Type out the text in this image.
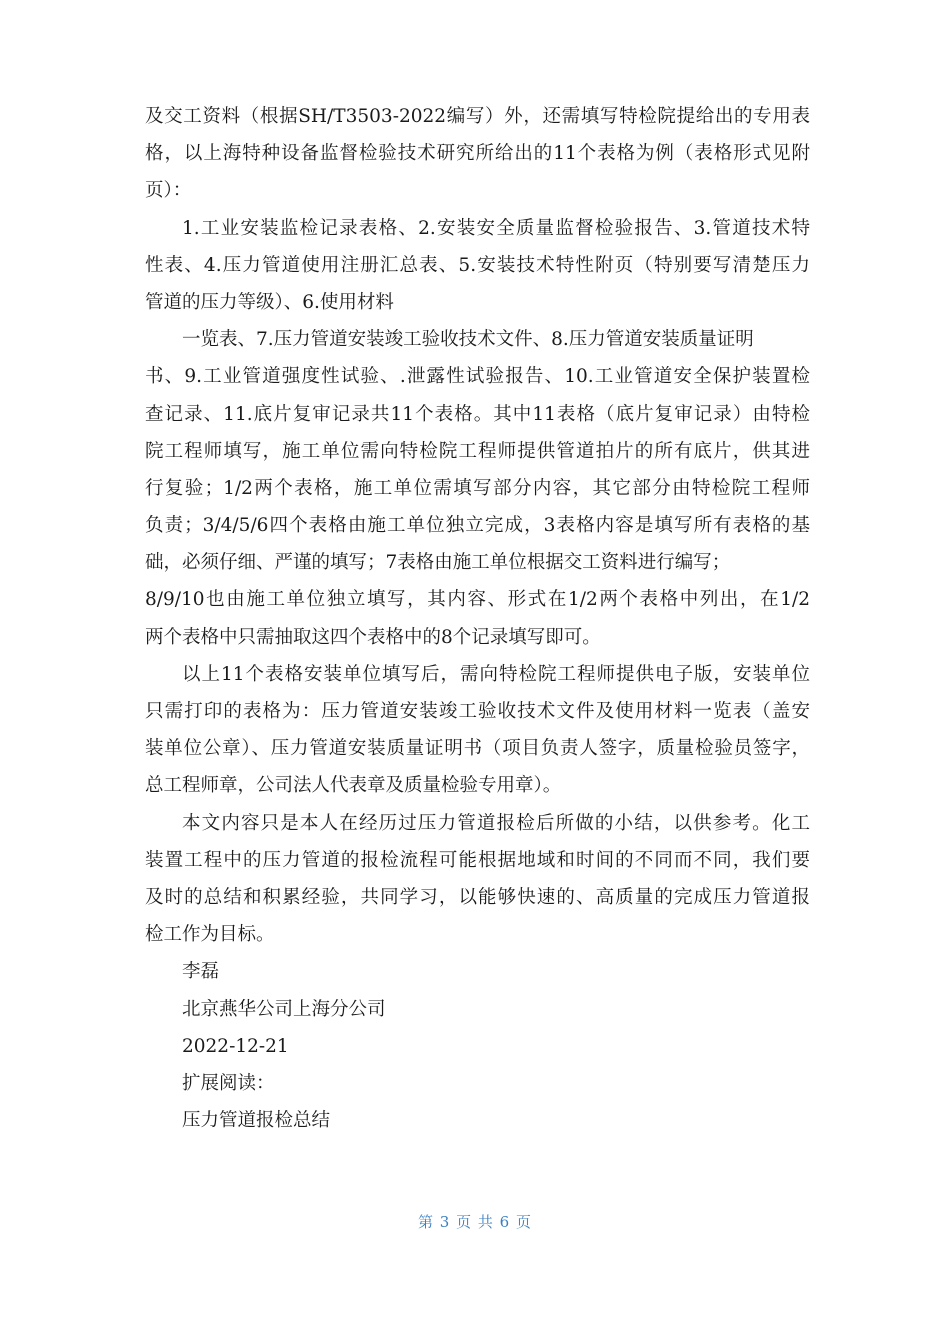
及交工资料（根据SH/T3503-2022编写）外，还需填写特检院提给出的专用表
格，以上海特种设备监督检验技术研究所给出的11个表格为例（表格形式见附
页）：
1.工业安装监检记录表格、2.安装安全质量监督检验报告、3.管道技术特
性表、4.压力管道使用注册汇总表、5.安装技术特性附页（特别要写清楚压力
管道的压力等级）、6.使用材料
一览表、7.压力管道安装竣工验收技术文件、8.压力管道安装质量证明
书、9.工业管道强度性试验、.泄露性试验报告、10.工业管道安全保护装置检
查记录、11.底片复审记录共11个表格。其中11表格（底片复审记录）由特检
院工程师填写，施工单位需向特检院工程师提供管道拍片的所有底片，供其进
行复验；1/2两个表格，施工单位需填写部分内容，其它部分由特检院工程师
负责；3/4/5/6四个表格由施工单位独立完成，3表格内容是填写所有表格的基
础，必须仔细、严谨的填写；7表格由施工单位根据交工资料进行编写；
8/9/10也由施工单位独立填写，其内容、形式在1/2两个表格中列出，在1/2
两个表格中只需抽取这四个表格中的8个记录填写即可。
以上11个表格安装单位填写后，需向特检院工程师提供电子版，安装单位
只需打印的表格为：压力管道安装竣工验收技术文件及使用材料一览表（盖安
装单位公章）、压力管道安装质量证明书（项目负责人签字，质量检验员签字，
总工程师章，公司法人代表章及质量检验专用章）。
本文内容只是本人在经历过压力管道报检后所做的小结，以供参考。化工
装置工程中的压力管道的报检流程可能根据地域和时间的不同而不同，我们要
及时的总结和积累经验，共同学习，以能够快速的、高质量的完成压力管道报
检工作为目标。
李磊
北京燕华公司上海分公司
2022-12-21
扩展阅读：
压力管道报检总结
第 3 页 共 6 页
